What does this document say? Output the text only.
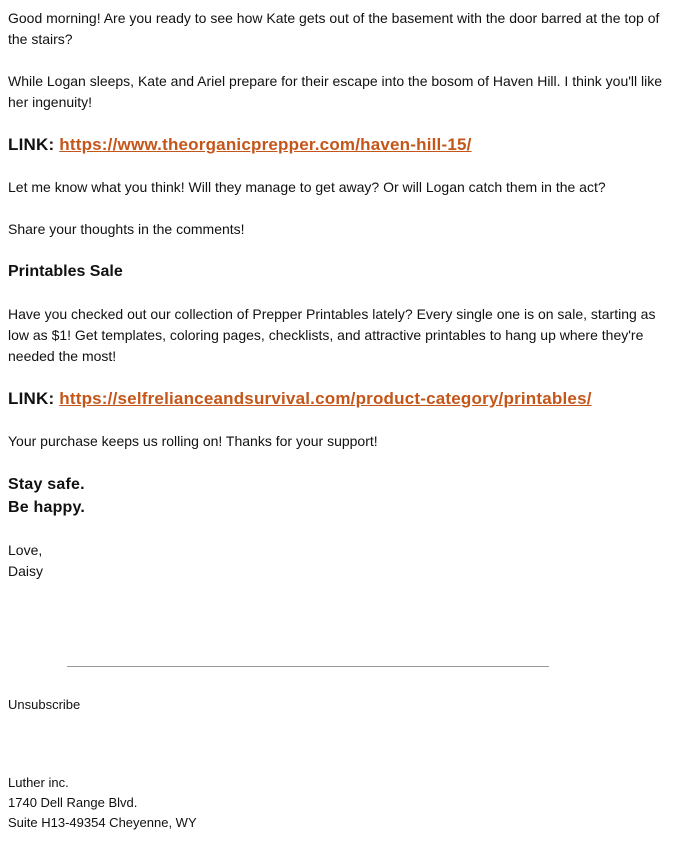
Good morning! Are you ready to see how Kate gets out of the basement with the door barred at the top of the stairs?

While Logan sleeps, Kate and Ariel prepare for their escape into the bosom of Haven Hill. I think you'll like her ingenuity!

LINK: https://www.theorganicprepper.com/haven-hill-15/

Let me know what you think! Will they manage to get away? Or will Logan catch them in the act?

Share your thoughts in the comments!

Printables Sale

Have you checked out our collection of Prepper Printables lately? Every single one is on sale, starting as low as $1! Get templates, coloring pages, checklists, and attractive printables to hang up where they're needed the most!

LINK: https://selfrelianceandsurvival.com/product-category/printables/

Your purchase keeps us rolling on! Thanks for your support!

Stay safe.

Be happy.

Love,

Daisy

Unsubscribe
Luther inc.
1740 Dell Range Blvd.
Suite H13-49354 Cheyenne, WY
